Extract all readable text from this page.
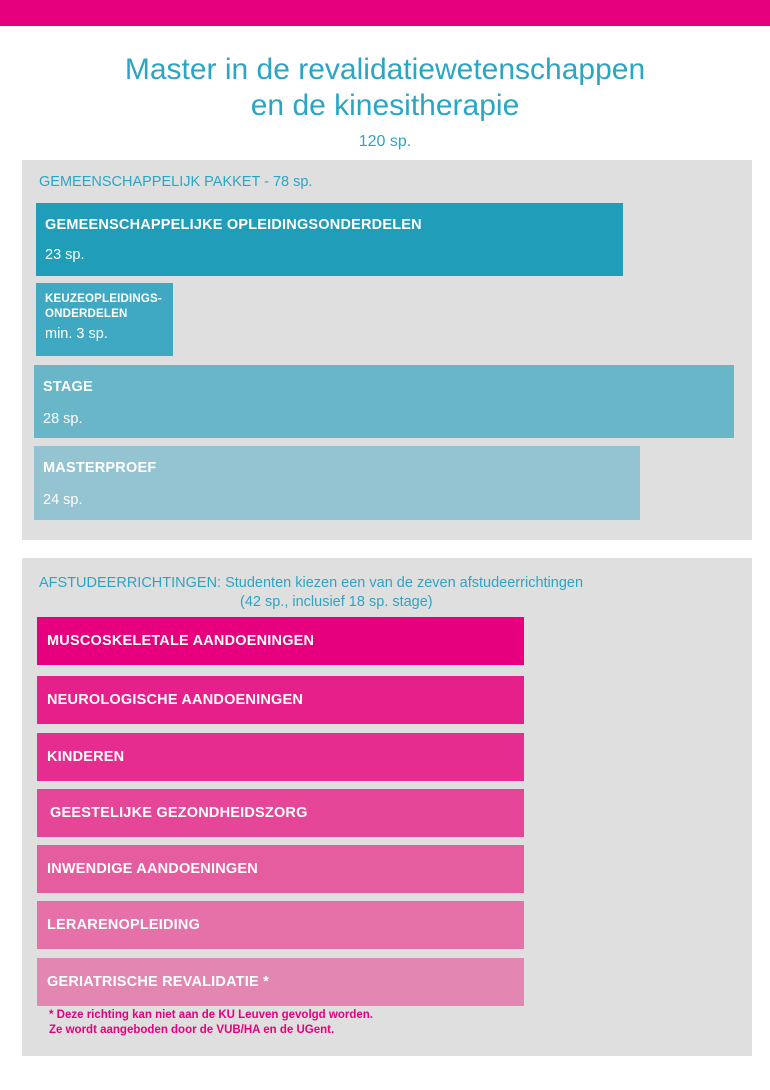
Master in de revalidatiewetenschappen
en de kinesitherapie
120 sp.
GEMEENSCHAPPELIJK PAKKET - 78 sp.
GEMEENSCHAPPELIJKE OPLEIDINGSONDERDELEN
23 sp.
KEUZEOPLEIDINGS-
ONDERDELEN
min. 3 sp.
STAGE
28 sp.
MASTERPROEF
24 sp.
AFSTUDEERRICHTINGEN: Studenten kiezen een van de zeven afstudeerrichtingen
(42 sp., inclusief 18 sp. stage)
MUSCOSKELETALE AANDOENINGEN
NEUROLOGISCHE AANDOENINGEN
KINDEREN
GEESTELIJKE GEZONDHEIDSZORG
INWENDIGE AANDOENINGEN
LERARENOPLEIDING
GERIATRISCHE REVALIDATIE *
* Deze richting kan niet aan de KU Leuven gevolgd worden.
Ze wordt aangeboden door de VUB/HA en de UGent.
